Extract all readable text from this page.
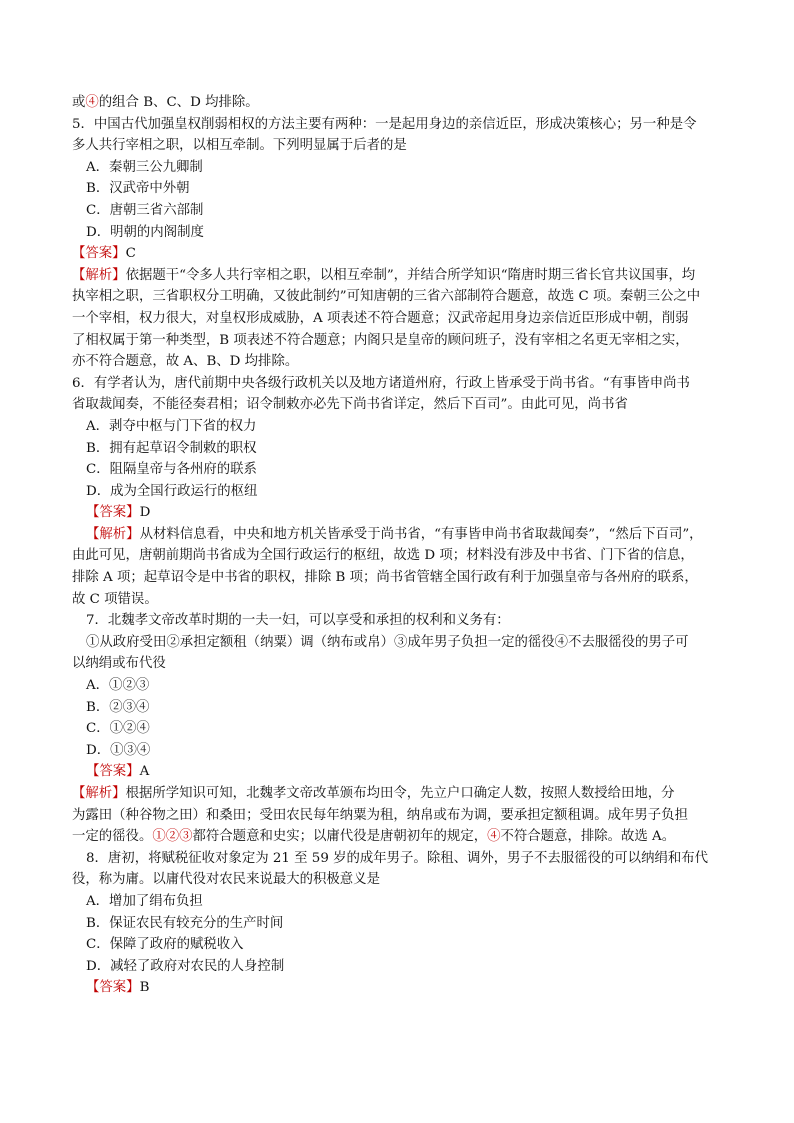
或④的组合 B、C、D 均排除。
5．中国古代加强皇权削弱相权的方法主要有两种：一是起用身边的亲信近臣，形成决策核心；另一种是令
多人共行宰相之职，以相互牵制。下列明显属于后者的是
A．秦朝三公九卿制
B．汉武帝中外朝
C．唐朝三省六部制
D．明朝的内阁制度
【答案】C
【解析】依据题干“令多人共行宰相之职，以相互牵制”，并结合所学知识“隋唐时期三省长官共议国事，均
执宰相之职，三省职权分工明确，又彼此制约”可知唐朝的三省六部制符合题意，故选 C 项。秦朝三公之中
一个宰相，权力很大，对皇权形成威胁，A 项表述不符合题意；汉武帝起用身边亲信近臣形成中朝，削弱
了相权属于第一种类型，B 项表述不符合题意；内阁只是皇帝的顾问班子，没有宰相之名更无宰相之实，
亦不符合题意，故 A、B、D 均排除。
6．有学者认为，唐代前期中央各级行政机关以及地方诸道州府，行政上皆承受于尚书省。“有事皆申尚书
省取裁闻奏，不能径奏君相；诏令制敕亦必先下尚书省详定，然后下百司”。由此可见，尚书省
A．剥夺中枢与门下省的权力
B．拥有起草诏令制敕的职权
C．阻隔皇帝与各州府的联系
D．成为全国行政运行的枢纽
【答案】D
【解析】从材料信息看，中央和地方机关皆承受于尚书省，“有事皆申尚书省取裁闻奏”，“然后下百司”，
由此可见，唐朝前期尚书省成为全国行政运行的枢纽，故选 D 项；材料没有涉及中书省、门下省的信息，
排除 A 项；起草诏令是中书省的职权，排除 B 项；尚书省管辖全国行政有利于加强皇帝与各州府的联系，
故 C 项错误。
7．北魏孝文帝改革时期的一夫一妇，可以享受和承担的权利和义务有：
①从政府受田②承担定额租（纳粟）调（纳布或帛）③成年男子负担一定的徭役④不去服徭役的男子可
以纳绢或布代役
A．①②③
B．②③④
C．①②④
D．①③④
【答案】A
【解析】根据所学知识可知，北魏孝文帝改革颁布均田令，先立户口确定人数，按照人数授给田地，分
为露田（种谷物之田）和桑田；受田农民每年纳粟为租，纳帛或布为调，要承担定额租调。成年男子负担
一定的徭役。①②③都符合题意和史实；以庸代役是唐朝初年的规定，④不符合题意，排除。故选 A。
8．唐初，将赋税征收对象定为 21 至 59 岁的成年男子。除租、调外，男子不去服徭役的可以纳绢和布代
役，称为庸。以庸代役对农民来说最大的积极意义是
A．增加了绢布负担
B．保证农民有较充分的生产时间
C．保障了政府的赋税收入
D．减轻了政府对农民的人身控制
【答案】B
